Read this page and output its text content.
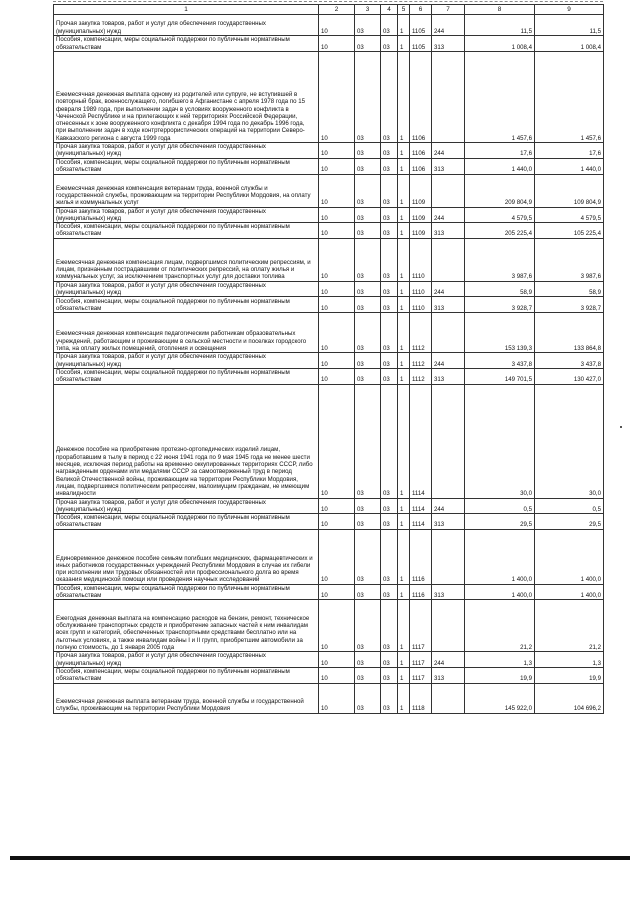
1	2	3	4	5	6	7	8	9
Прочая закупка товаров, работ и услуг для обеспечения государственных (муниципальных) нужд	10	03	03	1	1105	244	11,5	11,5
Пособия, компенсации, меры социальной поддержки по публичным нормативным обязательствам	10	03	03	1	1105	313	1 008,4	1 008,4
Ежемесячная денежная выплата одному из родителей или супруге, не вступившей в повторный брак, военнослужащего, погибшего в Афганистане с апреля 1978 года по 15 февраля 1989 года, при выполнении задач в условиях вооруженного конфликта в Чеченской Республике и на прилегающих к ней территориях Российской Федерации, отнесенных к зоне вооруженного конфликта с декабря 1994 года по декабрь 1996 года, при выполнении задач в ходе контртеррористических операций на территории Северо-Кавказского региона с августа 1999 года	10	03	03	1	1106		1 457,6	1 457,6
Прочая закупка товаров, работ и услуг для обеспечения государственных (муниципальных) нужд	10	03	03	1	1106	244	17,6	17,6
Пособия, компенсации, меры социальной поддержки по публичным нормативным обязательствам	10	03	03	1	1106	313	1 440,0	1 440,0
Ежемесячная денежная компенсация ветеранам труда, военной службы и государственной службы, проживающим на территории Республики Мордовия, на оплату жилья и коммунальных услуг	10	03	03	1	1109		209 804,9	109 804,9
Прочая закупка товаров, работ и услуг для обеспечения государственных (муниципальных) нужд	10	03	03	1	1109	244	4 579,5	4 579,5
Пособия, компенсации, меры социальной поддержки по публичным нормативным обязательствам	10	03	03	1	1109	313	205 225,4	105 225,4
Ежемесячная денежная компенсация лицам, подвергшимся политическим репрессиям, и лицам, признанным пострадавшими от политических репрессий, на оплату жилья и коммунальных услуг, за исключением транспортных услуг для доставки топлива	10	03	03	1	1110		3 987,6	3 987,6
Прочая закупка товаров, работ и услуг для обеспечения государственных (муниципальных) нужд	10	03	03	1	1110	244	58,9	58,9
Пособия, компенсации, меры социальной поддержки по публичным нормативным обязательствам	10	03	03	1	1110	313	3 928,7	3 928,7
Ежемесячная денежная компенсация педагогическим работникам образовательных учреждений, работающим и проживающим в сельской местности и поселках городского типа, на оплату жилых помещений, отопления и освещения	10	03	03	1	1112		153 139,3	133 864,8
Прочая закупка товаров, работ и услуг для обеспечения государственных (муниципальных) нужд	10	03	03	1	1112	244	3 437,8	3 437,8
Пособия, компенсации, меры социальной поддержки по публичным нормативным обязательствам	10	03	03	1	1112	313	149 701,5	130 427,0
Денежное пособие на приобретение протезно-ортопедических изделий лицам, проработавшим в тылу в период с 22 июня 1941 года по 9 мая 1945 года не менее шести месяцев, исключая период работы на временно оккупированных территориях СССР, либо награжденным орденами или медалями СССР за самоотверженный труд в период Великой Отечественной войны, проживающим на территории Республики Мордовия, лицам, подвергшимся политическим репрессиям, малоимущим гражданам, не имеющим инвалидности	10	03	03	1	1114		30,0	30,0
Прочая закупка товаров, работ и услуг для обеспечения государственных (муниципальных) нужд	10	03	03	1	1114	244	0,5	0,5
Пособия, компенсации, меры социальной поддержки по публичным нормативным обязательствам	10	03	03	1	1114	313	29,5	29,5
Единовременное денежное пособие семьям погибших медицинских, фармацевтических и иных работников государственных учреждений Республики Мордовия в случае их гибели при исполнении ими трудовых обязанностей или профессионального долга во время оказания медицинской помощи или проведения научных исследований	10	03	03	1	1116		1 400,0	1 400,0
Пособия, компенсации, меры социальной поддержки по публичным нормативным обязательствам	10	03	03	1	1116	313	1 400,0	1 400,0
Ежегодная денежная выплата на компенсацию расходов на бензин, ремонт, техническое обслуживание транспортных средств и приобретение запасных частей к ним инвалидам всех групп и категорий, обеспеченных транспортными средствами бесплатно или на льготных условиях, а также инвалидам войны I и II групп, приобретшим автомобили за полную стоимость, до 1 января 2005 года	10	03	03	1	1117		21,2	21,2
Прочая закупка товаров, работ и услуг для обеспечения государственных (муниципальных) нужд	10	03	03	1	1117	244	1,3	1,3
Пособия, компенсации, меры социальной поддержки по публичным нормативным обязательствам	10	03	03	1	1117	313	19,9	19,9
Ежемесячная денежная выплата ветеранам труда, военной службы и государственной службы, проживающим на территории Республики Мордовия	10	03	03	1	1118		145 922,0	104 696,2
